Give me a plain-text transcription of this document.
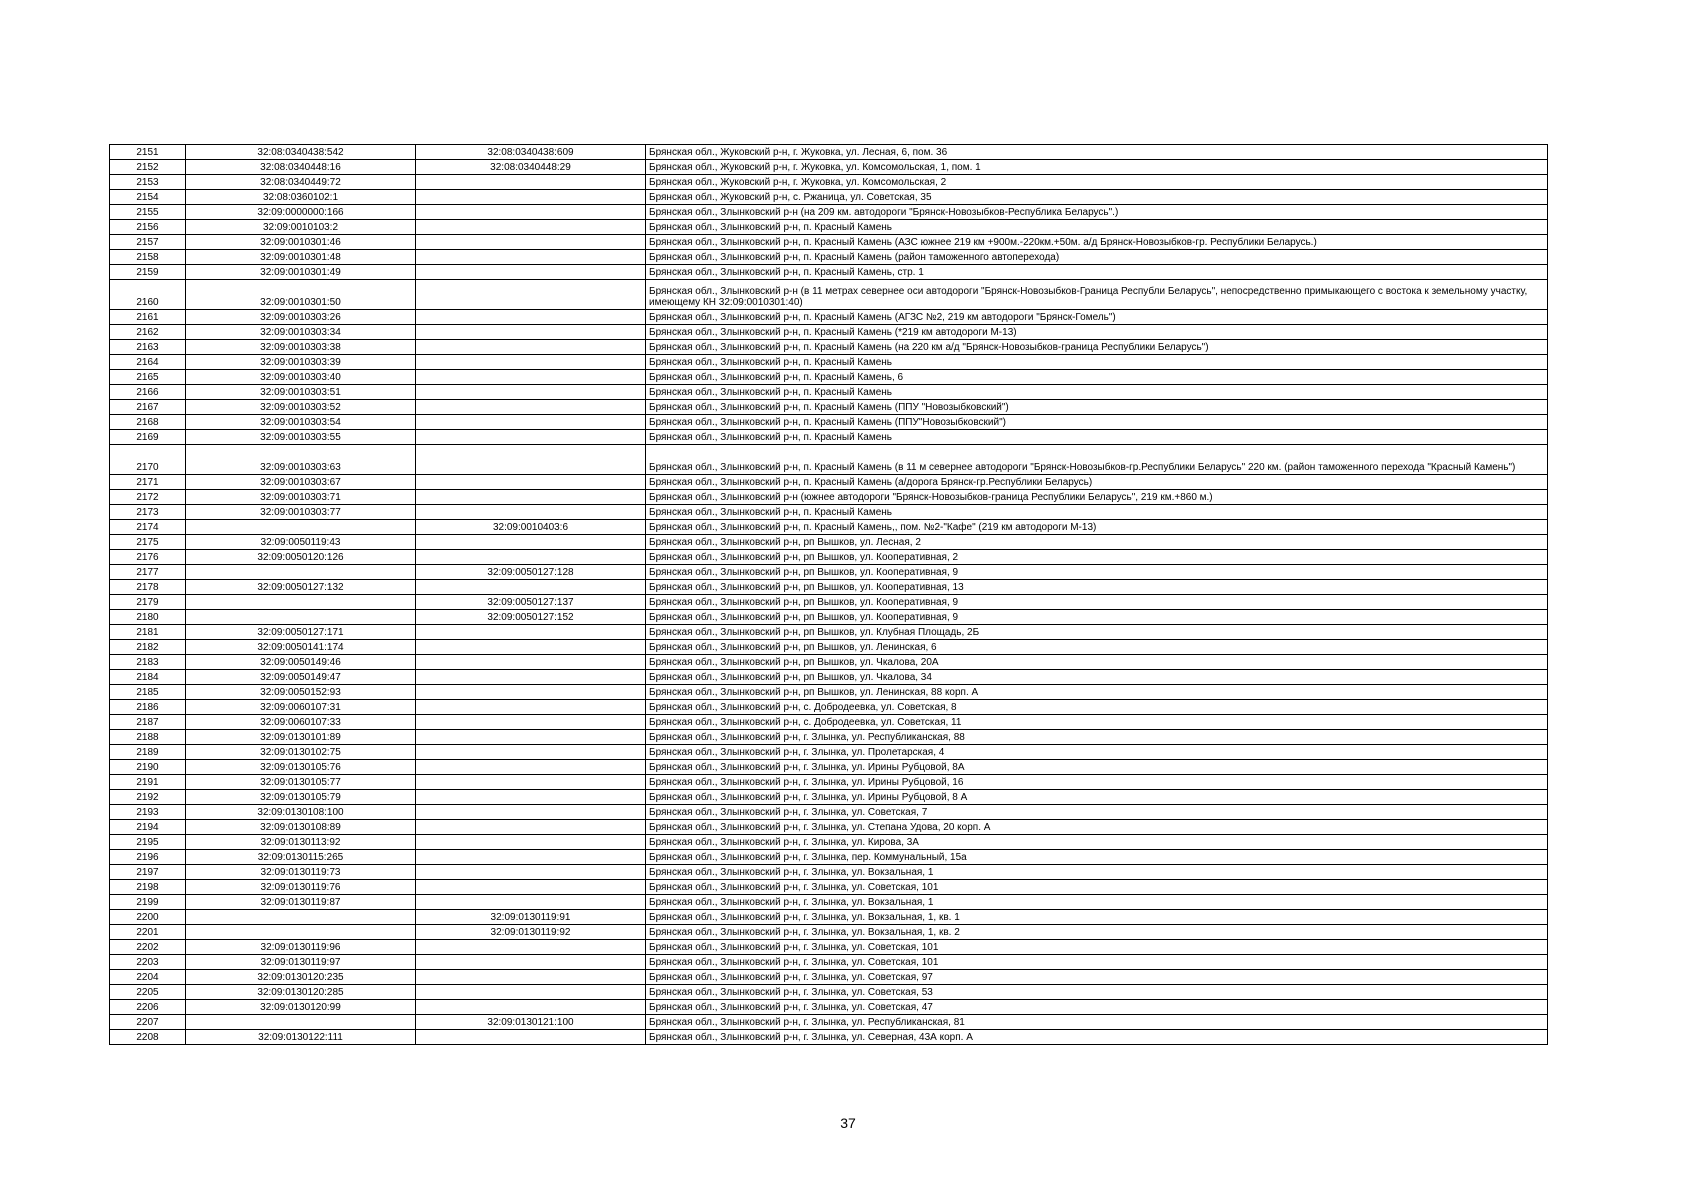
2151	32:08:0340438:542	32:08:0340438:609	Брянская обл., Жуковский р-н, г. Жуковка, ул. Лесная, 6, пом. 36
2152	32:08:0340448:16	32:08:0340448:29	Брянская обл., Жуковский р-н, г. Жуковка, ул. Комсомольская, 1, пом. 1
2153	32:08:0340449:72		Брянская обл., Жуковский р-н, г. Жуковка, ул. Комсомольская, 2
2154	32:08:0360102:1		Брянская обл., Жуковский р-н, с. Ржаница, ул. Советская, 35
2155	32:09:0000000:166		Брянская обл., Злынковский р-н (на 209 км. автодороги "Брянск-Новозыбков-Республика Беларусь".)
2156	32:09:0010103:2		Брянская обл., Злынковский р-н, п. Красный Камень
2157	32:09:0010301:46		Брянская обл., Злынковский р-н, п. Красный Камень (АЗС южнее 219 км +900м.-220км.+50м. а/д Брянск-Новозыбков-гр. Республики Беларусь.)
2158	32:09:0010301:48		Брянская обл., Злынковский р-н, п. Красный Камень (район таможенного автоперехода)
2159	32:09:0010301:49		Брянская обл., Злынковский р-н, п. Красный Камень, стр. 1
2160	32:09:0010301:50		Брянская обл., Злынковский р-н (в 11 метрах севернее оси автодороги "Брянск-Новозыбков-Граница Республи Беларусь", непосредственно примыкающего с востока к земельному участку, имеющему КН 32:09:0010301:40)
2161	32:09:0010303:26		Брянская обл., Злынковский р-н, п. Красный Камень (АГЗС №2, 219 км автодороги "Брянск-Гомель")
2162	32:09:0010303:34		Брянская обл., Злынковский р-н, п. Красный Камень (*219 км автодороги М-13)
2163	32:09:0010303:38		Брянская обл., Злынковский р-н, п. Красный Камень (на 220 км а/д "Брянск-Новозыбков-граница Республики Беларусь")
2164	32:09:0010303:39		Брянская обл., Злынковский р-н, п. Красный Камень
2165	32:09:0010303:40		Брянская обл., Злынковский р-н, п. Красный Камень, 6
2166	32:09:0010303:51		Брянская обл., Злынковский р-н, п. Красный Камень
2167	32:09:0010303:52		Брянская обл., Злынковский р-н, п. Красный Камень (ППУ "Новозыбковский")
2168	32:09:0010303:54		Брянская обл., Злынковский р-н, п. Красный Камень (ППУ"Новозыбковский")
2169	32:09:0010303:55		Брянская обл., Злынковский р-н, п. Красный Камень
2170	32:09:0010303:63		Брянская обл., Злынковский р-н, п. Красный Камень (в 11 м севернее автодороги "Брянск-Новозыбков-гр.Республики Беларусь" 220 км. (район таможенного перехода "Красный Камень")
2171	32:09:0010303:67		Брянская обл., Злынковский р-н, п. Красный Камень (а/дорога Брянск-гр.Республики Беларусь)
2172	32:09:0010303:71		Брянская обл., Злынковский р-н (южнее автодороги "Брянск-Новозыбков-граница Республики Беларусь", 219 км.+860 м.)
2173	32:09:0010303:77		Брянская обл., Злынковский р-н, п. Красный Камень
2174		32:09:0010403:6	Брянская обл., Злынковский р-н, п. Красный Камень,, пом. №2-"Кафе" (219 км автодороги М-13)
2175	32:09:0050119:43		Брянская обл., Злынковский р-н, рп Вышков, ул. Лесная, 2
2176	32:09:0050120:126		Брянская обл., Злынковский р-н, рп Вышков, ул. Кооперативная, 2
2177		32:09:0050127:128	Брянская обл., Злынковский р-н, рп Вышков, ул. Кооперативная, 9
2178	32:09:0050127:132		Брянская обл., Злынковский р-н, рп Вышков, ул. Кооперативная, 13
2179		32:09:0050127:137	Брянская обл., Злынковский р-н, рп Вышков, ул. Кооперативная, 9
2180		32:09:0050127:152	Брянская обл., Злынковский р-н, рп Вышков, ул. Кооперативная, 9
2181	32:09:0050127:171		Брянская обл., Злынковский р-н, рп Вышков, ул. Клубная Площадь, 2Б
2182	32:09:0050141:174		Брянская обл., Злынковский р-н, рп Вышков, ул. Ленинская, 6
2183	32:09:0050149:46		Брянская обл., Злынковский р-н, рп Вышков, ул. Чкалова, 20А
2184	32:09:0050149:47		Брянская обл., Злынковский р-н, рп Вышков, ул. Чкалова, 34
2185	32:09:0050152:93		Брянская обл., Злынковский р-н, рп Вышков, ул. Ленинская, 88 корп. А
2186	32:09:0060107:31		Брянская обл., Злынковский р-н, с. Добродеевка, ул. Советская, 8
2187	32:09:0060107:33		Брянская обл., Злынковский р-н, с. Добродеевка, ул. Советская, 11
2188	32:09:0130101:89		Брянская обл., Злынковский р-н, г. Злынка, ул. Республиканская, 88
2189	32:09:0130102:75		Брянская обл., Злынковский р-н, г. Злынка, ул. Пролетарская, 4
2190	32:09:0130105:76		Брянская обл., Злынковский р-н, г. Злынка, ул. Ирины Рубцовой, 8А
2191	32:09:0130105:77		Брянская обл., Злынковский р-н, г. Злынка, ул. Ирины Рубцовой, 16
2192	32:09:0130105:79		Брянская обл., Злынковский р-н, г. Злынка, ул. Ирины Рубцовой, 8 А
2193	32:09:0130108:100		Брянская обл., Злынковский р-н, г. Злынка, ул. Советская, 7
2194	32:09:0130108:89		Брянская обл., Злынковский р-н, г. Злынка, ул. Степана Удова, 20 корп. А
2195	32:09:0130113:92		Брянская обл., Злынковский р-н, г. Злынка, ул. Кирова, 3А
2196	32:09:0130115:265		Брянская обл., Злынковский р-н, г. Злынка, пер. Коммунальный, 15а
2197	32:09:0130119:73		Брянская обл., Злынковский р-н, г. Злынка, ул. Вокзальная, 1
2198	32:09:0130119:76		Брянская обл., Злынковский р-н, г. Злынка, ул. Советская, 101
2199	32:09:0130119:87		Брянская обл., Злынковский р-н, г. Злынка, ул. Вокзальная, 1
2200		32:09:0130119:91	Брянская обл., Злынковский р-н, г. Злынка, ул. Вокзальная, 1, кв. 1
2201		32:09:0130119:92	Брянская обл., Злынковский р-н, г. Злынка, ул. Вокзальная, 1, кв. 2
2202	32:09:0130119:96		Брянская обл., Злынковский р-н, г. Злынка, ул. Советская, 101
2203	32:09:0130119:97		Брянская обл., Злынковский р-н, г. Злынка, ул. Советская, 101
2204	32:09:0130120:235		Брянская обл., Злынковский р-н, г. Злынка, ул. Советская, 97
2205	32:09:0130120:285		Брянская обл., Злынковский р-н, г. Злынка, ул. Советская, 53
2206	32:09:0130120:99		Брянская обл., Злынковский р-н, г. Злынка, ул. Советская, 47
2207		32:09:0130121:100	Брянская обл., Злынковский р-н, г. Злынка, ул. Республиканская, 81
2208	32:09:0130122:111		Брянская обл., Злынковский р-н, г. Злынка, ул. Северная, 43А корп. А
37
